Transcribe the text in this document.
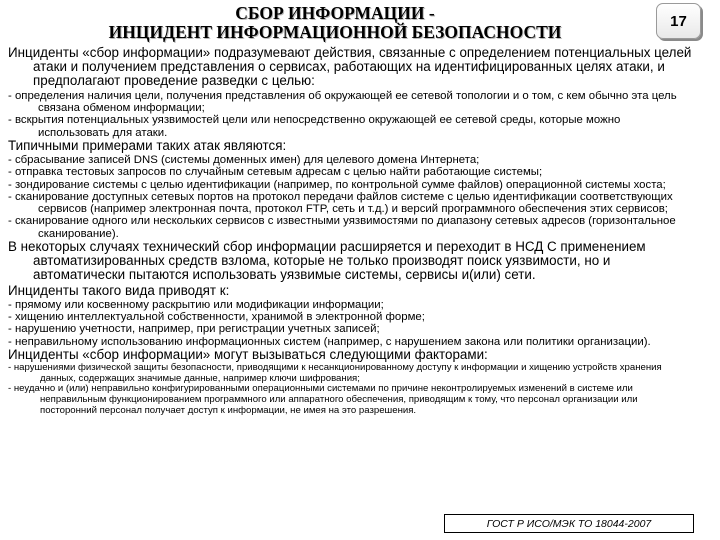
СБОР ИНФОРМАЦИИ -
ИНЦИДЕНТ ИНФОРМАЦИОННОЙ БЕЗОПАСНОСТИ
17

Инциденты «сбор информации» подразумевают действия, связанные с определением потенциальных целей атаки и получением представления о сервисах, работающих на идентифицированных целях атаки, и предполагают проведение разведки с целью:

- определения наличия цели, получения представления об окружающей ее сетевой топологии и о том, с кем обычно эта цель связана обменом информации;

- вскрытия потенциальных уязвимостей цели или непосредственно окружающей ее сетевой среды, которые можно использовать для атаки.

Типичными примерами таких атак являются:

- сбрасывание записей DNS (системы доменных имен) для целевого домена Интернета;

- отправка тестовых запросов по случайным сетевым адресам с целью найти работающие системы;

- зондирование системы с целью идентификации (например, по контрольной сумме файлов) операционной системы хоста;

- сканирование доступных сетевых портов на протокол передачи файлов системе с целью идентификации соответствующих сервисов (например электронная почта, протокол FTP, сеть и т.д.) и версий программного обеспечения этих сервисов;

- сканирование одного или нескольких сервисов с известными уязвимостями по диапазону сетевых адресов (горизонтальное сканирование).

В некоторых случаях технический сбор информации расширяется и переходит в НСД С применением автоматизированных средств взлома, которые не только производят поиск уязвимости, но и автоматически пытаются использовать уязвимые системы, сервисы и(или) сети.

Инциденты такого вида приводят к:

- прямому или косвенному раскрытию или модификации информации;

- хищению интеллектуальной собственности, хранимой в электронной форме;

- нарушению учетности, например, при регистрации учетных записей;

- неправильному использованию информационных систем (например, с нарушением закона или политики организации).

Инциденты «сбор информации» могут вызываться следующими факторами:

- нарушениями физической защиты безопасности, приводящими к несанкционированному доступу к информации и хищению устройств хранения данных, содержащих значимые данные, например ключи шифрования;

- неудачно и (или) неправильно конфигурированными операционными системами по причине неконтролируемых изменений в системе или неправильным функционированием программного или аппаратного обеспечения, приводящим к тому, что персонал организации или посторонний персонал получает доступ к информации, не имея на это разрешения.

ГОСТ Р ИСО/МЭК ТО 18044-2007
